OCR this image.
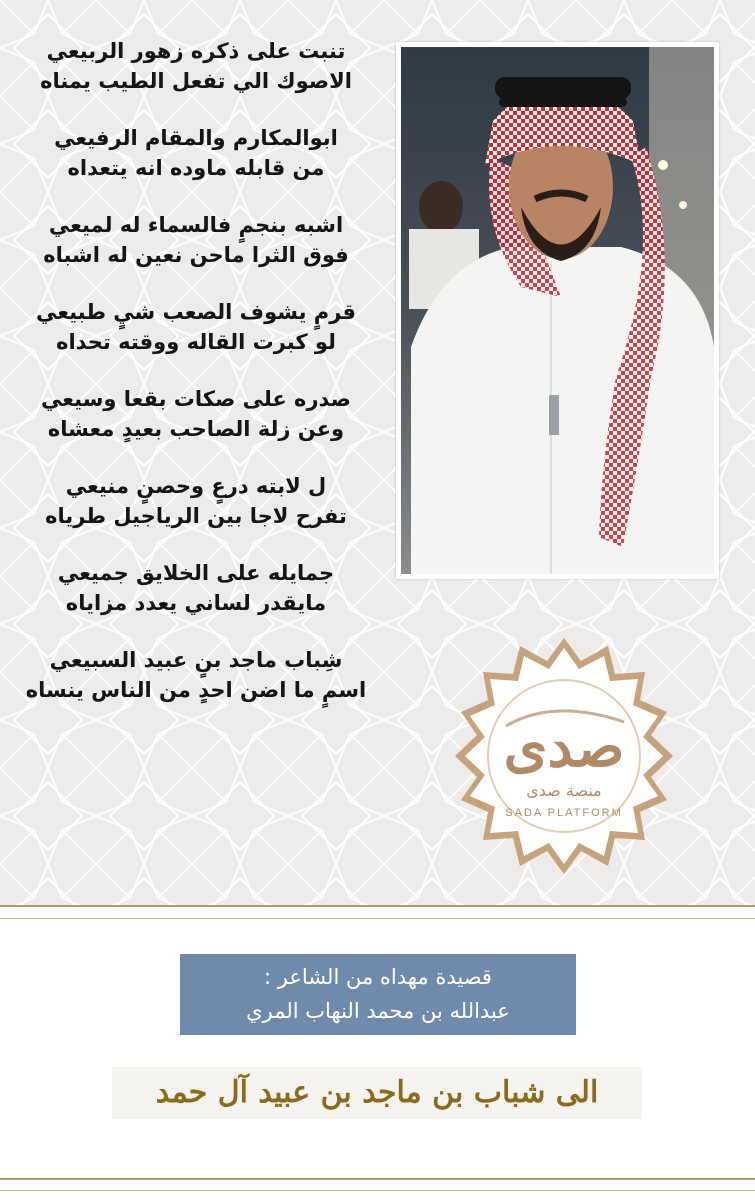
تنبت على ذكره زهور الربيعي
الاصوك الي تفعل الطيب يمناه
ابوالمكارم والمقام الرفيعي
من قابله ماوده انه يتعداه
اشبه بنجمٍ فالسماء له لميعي
فوق الثرا ماحن نعين له اشباه
قرمٍ يشوف الصعب شيٍ طبيعي
لو كبرت القاله ووقته تحداه
صدره على صكات بقعا وسيعي
وعن زلة الصاحب بعيدٍ معشاه
ل لابته درعٍ وحصنٍ منيعي
تفرح لاجا بين الرياجيل طرياه
جمايله على الخلايق جميعي
مايقدر لساني يعدد مزاياه
شِباب ماجد بنٍ عبيد السبيعي
اسمٍ ما اضن احدٍ من الناس ينساه
صدى
منصة صدى
SADA PLATFORM
قصيدة مهداه من الشاعر :
عبدالله بن محمد النهاب المري
الى شباب بن ماجد بن عبيد آل حمد
